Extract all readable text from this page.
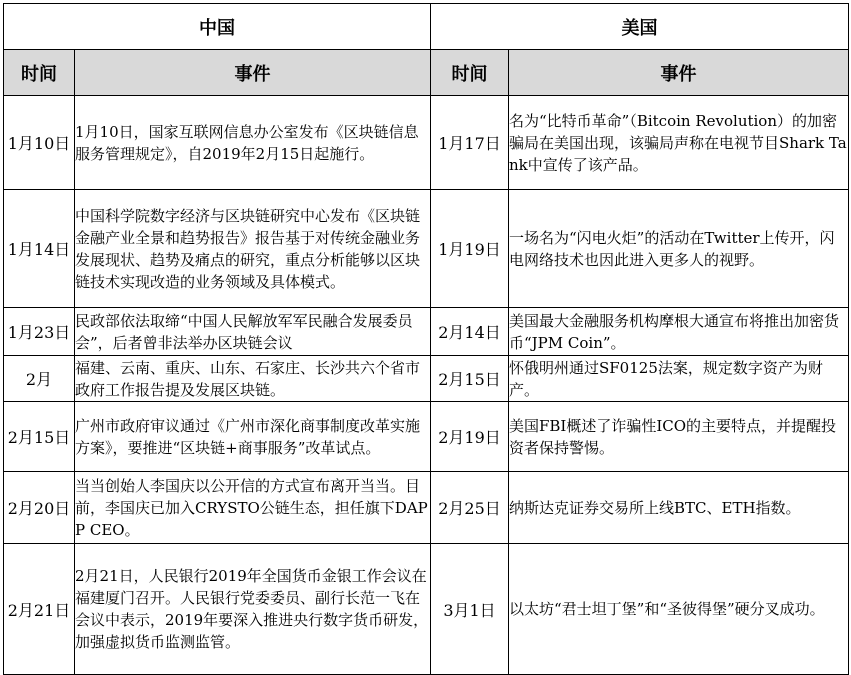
中国		美国	
时间	事件	时间	事件
1月10日	1月10日，国家互联网信息办公室发布《区块链信息服务管理规定》，自2019年2月15日起施行。	1月17日	名为“比特币革命”（Bitcoin Revolution）的加密骗局在美国出现，该骗局声称在电视节目Shark Tank中宣传了该产品。
1月14日	中国科学院数字经济与区块链研究中心发布《区块链金融产业全景和趋势报告》报告基于对传统金融业务发展现状、趋势及痛点的研究，重点分析能够以区块链技术实现改造的业务领域及具体模式。	1月19日	一场名为“闪电火炬”的活动在Twitter上传开，闪电网络技术也因此进入更多人的视野。
1月23日	民政部依法取缔“中国人民解放军军民融合发展委员会”，后者曾非法举办区块链会议	2月14日	美国最大金融服务机构摩根大通宣布将推出加密货币“JPM Coin”。
2月	福建、云南、重庆、山东、石家庄、长沙共六个省市政府工作报告提及发展区块链。	2月15日	怀俄明州通过SF0125法案，规定数字资产为财产。
2月15日	广州市政府审议通过《广州市深化商事制度改革实施方案》，要推进“区块链+商事服务”改革试点。	2月19日	美国FBI概述了诈骗性ICO的主要特点，并提醒投资者保持警惕。
2月20日	当当创始人李国庆以公开信的方式宣布离开当当。目前，李国庆已加入CRYSTO公链生态，担任旗下DAPP CEO。	2月25日	纳斯达克证券交易所上线BTC、ETH指数。
2月21日	2月21日，人民银行2019年全国货币金银工作会议在福建厦门召开。人民银行党委委员、副行长范一飞在会议中表示，2019年要深入推进央行数字货币研发，加强虚拟货币监测监管。	3月1日	以太坊“君士坦丁堡”和“圣彼得堡”硬分叉成功。
